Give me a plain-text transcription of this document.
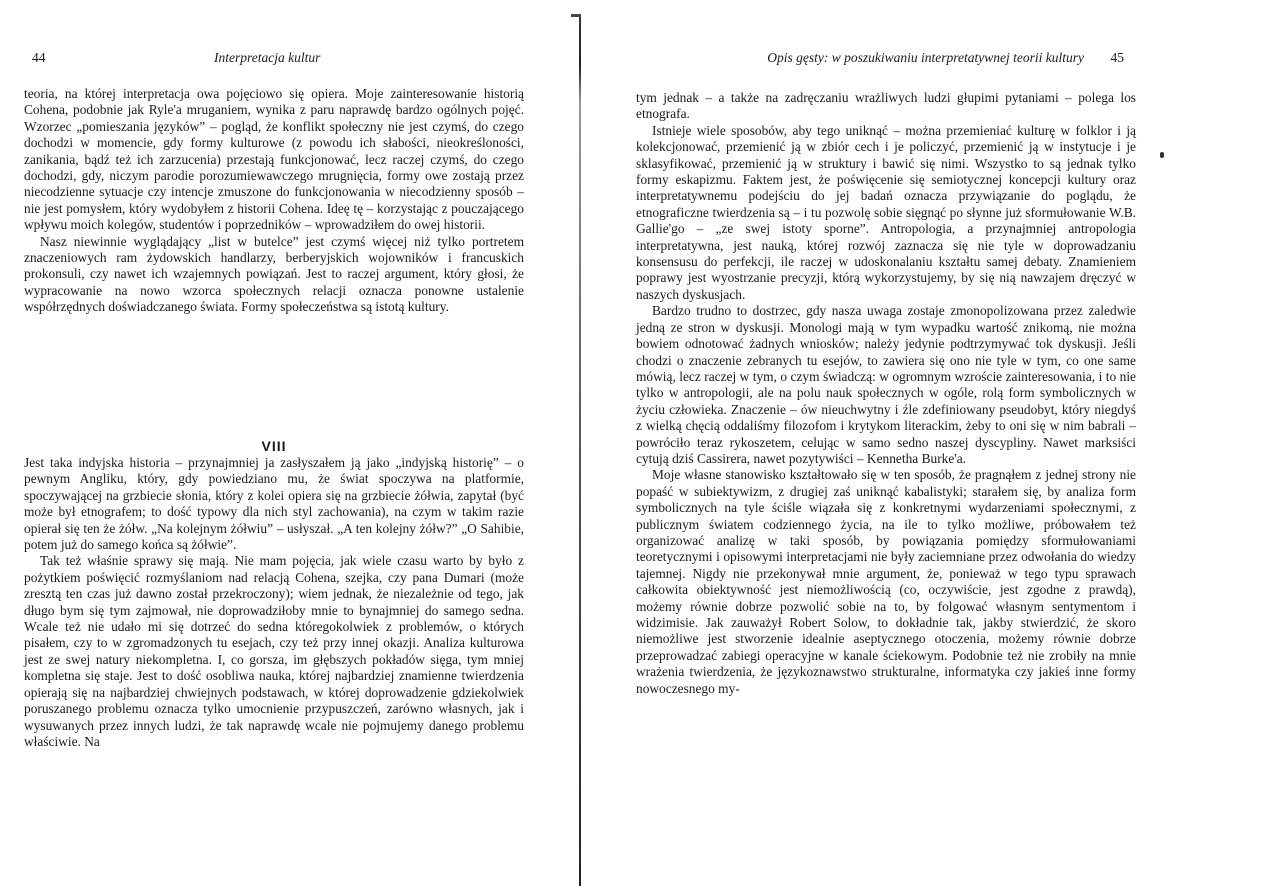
44	Interpretacja kultur

teoria, na której interpretacja owa pojęciowo się opiera. Moje zainteresowanie historią Cohena, podobnie jak Ryle'a mruganiem, wynika z paru naprawdę bardzo ogólnych pojęć. Wzorzec „pomieszania języków” – pogląd, że konflikt społeczny nie jest czymś, do czego dochodzi w momencie, gdy formy kulturowe (z powodu ich słabości, nieokreśloności, zanikania, bądź też ich zarzucenia) przestają funkcjonować, lecz raczej czymś, do czego dochodzi, gdy, niczym parodie porozumiewawczego mrugnięcia, formy owe zostają przez niecodzienne sytuacje czy intencje zmuszone do funkcjonowania w niecodzienny sposób – nie jest pomysłem, który wydobyłem z historii Cohena. Ideę tę – korzystając z pouczającego wpływu moich kolegów, studentów i poprzedników – wprowadziłem do owej historii.

Nasz niewinnie wyglądający „list w butelce” jest czymś więcej niż tylko portretem znaczeniowych ram żydowskich handlarzy, berberyjskich wojowników i francuskich prokonsuli, czy nawet ich wzajemnych powiązań. Jest to raczej argument, który głosi, że wypracowanie na nowo wzorca społecznych relacji oznacza ponowne ustalenie współrzędnych doświadczanego świata. Formy społeczeństwa są istotą kultury.

VIII

Jest taka indyjska historia – przynajmniej ja zasłyszałem ją jako „indyjską historię” – o pewnym Angliku, który, gdy powiedziano mu, że świat spoczywa na platformie, spoczywającej na grzbiecie słonia, który z kolei opiera się na grzbiecie żółwia, zapytał (być może był etnografem; to dość typowy dla nich styl zachowania), na czym w takim razie opierał się ten że żółw. „Na kolejnym żółwiu” – usłyszał. „A ten kolejny żółw?” „O Sahibie, potem już do samego końca są żółwie”.

Tak też właśnie sprawy się mają. Nie mam pojęcia, jak wiele czasu warto by było z pożytkiem poświęcić rozmyślaniom nad relacją Cohena, szejka, czy pana Dumari (może zresztą ten czas już dawno został przekroczony); wiem jednak, że niezależnie od tego, jak długo bym się tym zajmował, nie doprowadziłoby mnie to bynajmniej do samego sedna. Wcale też nie udało mi się dotrzeć do sedna któregokolwiek z problemów, o których pisałem, czy to w zgromadzonych tu esejach, czy też przy innej okazji. Analiza kulturowa jest ze swej natury niekompletna. I, co gorsza, im głębszych pokładów sięga, tym mniej kompletna się staje. Jest to dość osobliwa nauka, której najbardziej znamienne twierdzenia opierają się na najbardziej chwiejnych podstawach, w której doprowadzenie gdziekolwiek poruszanego problemu oznacza tylko umocnienie przypuszczeń, zarówno własnych, jak i wysuwanych przez innych ludzi, że tak naprawdę wcale nie pojmujemy danego problemu właściwie. Na

Opis gęsty: w poszukiwaniu interpretatywnej teorii kultury 45

tym jednak – a także na zadręczaniu wrażliwych ludzi głupimi pytaniami – polega los etnografa.

Istnieje wiele sposobów, aby tego uniknąć – można przemieniać kulturę w folklor i ją kolekcjonować, przemienić ją w zbiór cech i je policzyć, przemienić ją w instytucje i je sklasyfikować, przemienić ją w struktury i bawić się nimi. Wszystko to są jednak tylko formy eskapizmu. Faktem jest, że poświęcenie się semiotycznej koncepcji kultury oraz interpretatywnemu podejściu do jej badań oznacza przywiązanie do poglądu, że etnograficzne twierdzenia są – i tu pozwolę sobie sięgnąć po słynne już sformułowanie W.B. Gallie'go – „ze swej istoty sporne”. Antropologia, a przynajmniej antropologia interpretatywna, jest nauką, której rozwój zaznacza się nie tyle w doprowadzaniu konsensusu do perfekcji, ile raczej w udoskonalaniu kształtu samej debaty. Znamieniem poprawy jest wyostrzanie precyzji, którą wykorzystujemy, by się nią nawzajem dręczyć w naszych dyskusjach.

Bardzo trudno to dostrzec, gdy nasza uwaga zostaje zmonopolizowana przez zaledwie jedną ze stron w dyskusji. Monologi mają w tym wypadku wartość znikomą, nie można bowiem odnotować żadnych wniosków; należy jedynie podtrzymywać tok dyskusji. Jeśli chodzi o znaczenie zebranych tu esejów, to zawiera się ono nie tyle w tym, co one same mówią, lecz raczej w tym, o czym świadczą: w ogromnym wzroście zainteresowania, i to nie tylko w antropologii, ale na polu nauk społecznych w ogóle, rolą form symbolicznych w życiu człowieka. Znaczenie – ów nieuchwytny i źle zdefiniowany pseudobyt, który niegdyś z wielką chęcią oddaliśmy filozofom i krytykom literackim, żeby to oni się w nim babrali – powróciło teraz rykoszetem, celując w samo sedno naszej dyscypliny. Nawet marksiści cytują dziś Cassirera, nawet pozytywiści – Kennetha Burke'a.

Moje własne stanowisko kształtowało się w ten sposób, że pragnąłem z jednej strony nie popaść w subiektywizm, z drugiej zaś uniknąć kabalistyki; starałem się, by analiza form symbolicznych na tyle ściśle wiązała się z konkretnymi wydarzeniami społecznymi, z publicznym światem codziennego życia, na ile to tylko możliwe, próbowałem też organizować analizę w taki sposób, by powiązania pomiędzy sformułowaniami teoretycznymi i opisowymi interpretacjami nie były zaciemniane przez odwołania do wiedzy tajemnej. Nigdy nie przekonywał mnie argument, że, ponieważ w tego typu sprawach całkowita obiektywność jest niemożliwością (co, oczywiście, jest zgodne z prawdą), możemy równie dobrze pozwolić sobie na to, by folgować własnym sentymentom i widzimisie. Jak zauważył Robert Solow, to dokładnie tak, jakby stwierdzić, że skoro niemożliwe jest stworzenie idealnie aseptycznego otoczenia, możemy równie dobrze przeprowadzać zabiegi operacyjne w kanale ściekowym. Podobnie też nie zrobiły na mnie wrażenia twierdzenia, że językoznawstwo strukturalne, informatyka czy jakieś inne formy nowoczesnego my-
